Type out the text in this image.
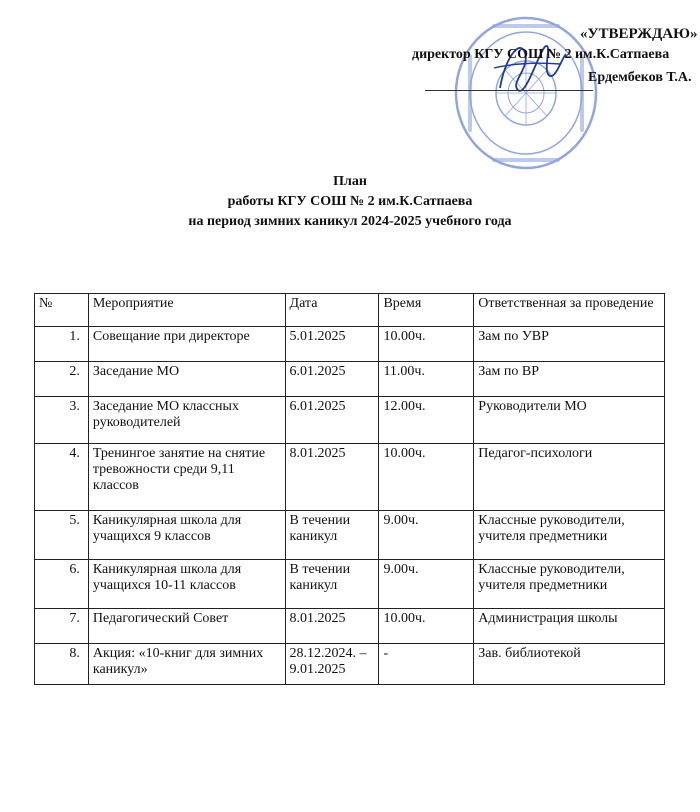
«УТВЕРЖДАЮ»
директор КГУ СОШ № 2 им.К.Сатпаева
Ердембеков Т.А.
План
работы КГУ СОШ № 2 им.К.Сатпаева
на период зимних каникул 2024-2025 учебного года
№	Мероприятие	Дата	Время	Ответственная за проведение
1.	Совещание при директоре	5.01.2025	10.00ч.	Зам по УВР
2.	Заседание МО	6.01.2025	11.00ч.	Зам по ВР
3.	Заседание МО классных руководителей	6.01.2025	12.00ч.	Руководители МО
4.	Тренингое занятие на снятие тревожности среди 9,11 классов	8.01.2025	10.00ч.	Педагог-психологи
5.	Каникулярная школа для учащихся 9 классов	В течении каникул	9.00ч.	Классные руководители, учителя предметники
6.	Каникулярная школа для учащихся 10-11 классов	В течении каникул	9.00ч.	Классные руководители, учителя предметники
7.	Педагогический Совет	8.01.2025	10.00ч.	Администрация школы
8.	Акция: «10-книг для зимних каникул»	28.12.2024. – 9.01.2025	-	Зав. библиотекой
